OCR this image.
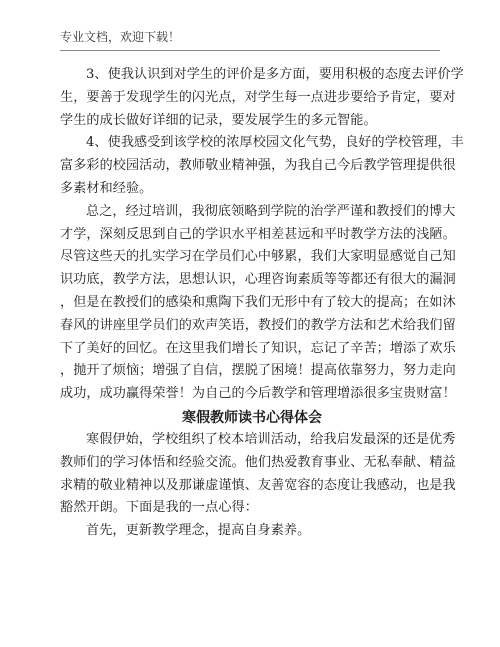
专业文档，欢迎下载！

3、使我认识到对学生的评价是多方面，要用积极的态度去评价学
生，要善于发现学生的闪光点，对学生每一点进步要给予肯定，要对
学生的成长做好详细的记录，要发展学生的多元智能。

4、使我感受到该学校的浓厚校园文化气势，良好的学校管理，丰
富多彩的校园活动，教师敬业精神强，为我自己今后教学管理提供很
多素材和经验。

总之，经过培训，我彻底领略到学院的治学严谨和教授们的博大
才学，深刻反思到自己的学识水平相差甚远和平时教学方法的浅陋。
尽管这些天的扎实学习在学员们心中够累，我们大家明显感觉自己知
识功底，教学方法，思想认识，心理咨询素质等等都还有很大的漏洞
，但是在教授们的感染和熏陶下我们无形中有了较大的提高；在如沐
春风的讲座里学员们的欢声笑语，教授们的教学方法和艺术给我们留
下了美好的回忆。在这里我们增长了知识，忘记了辛苦；增添了欢乐
，抛开了烦恼；增强了自信，摆脱了困境！提高依靠努力，努力走向
成功，成功赢得荣誉！为自己的今后教学和管理增添很多宝贵财富！

寒假教师读书心得体会

寒假伊始，学校组织了校本培训活动，给我启发最深的还是优秀
教师们的学习体悟和经验交流。他们热爱教育事业、无私奉献、精益
求精的敬业精神以及那谦虚谨慎、友善宽容的态度让我感动，也是我
豁然开朗。下面是我的一点心得：

首先，更新教学理念，提高自身素养。
